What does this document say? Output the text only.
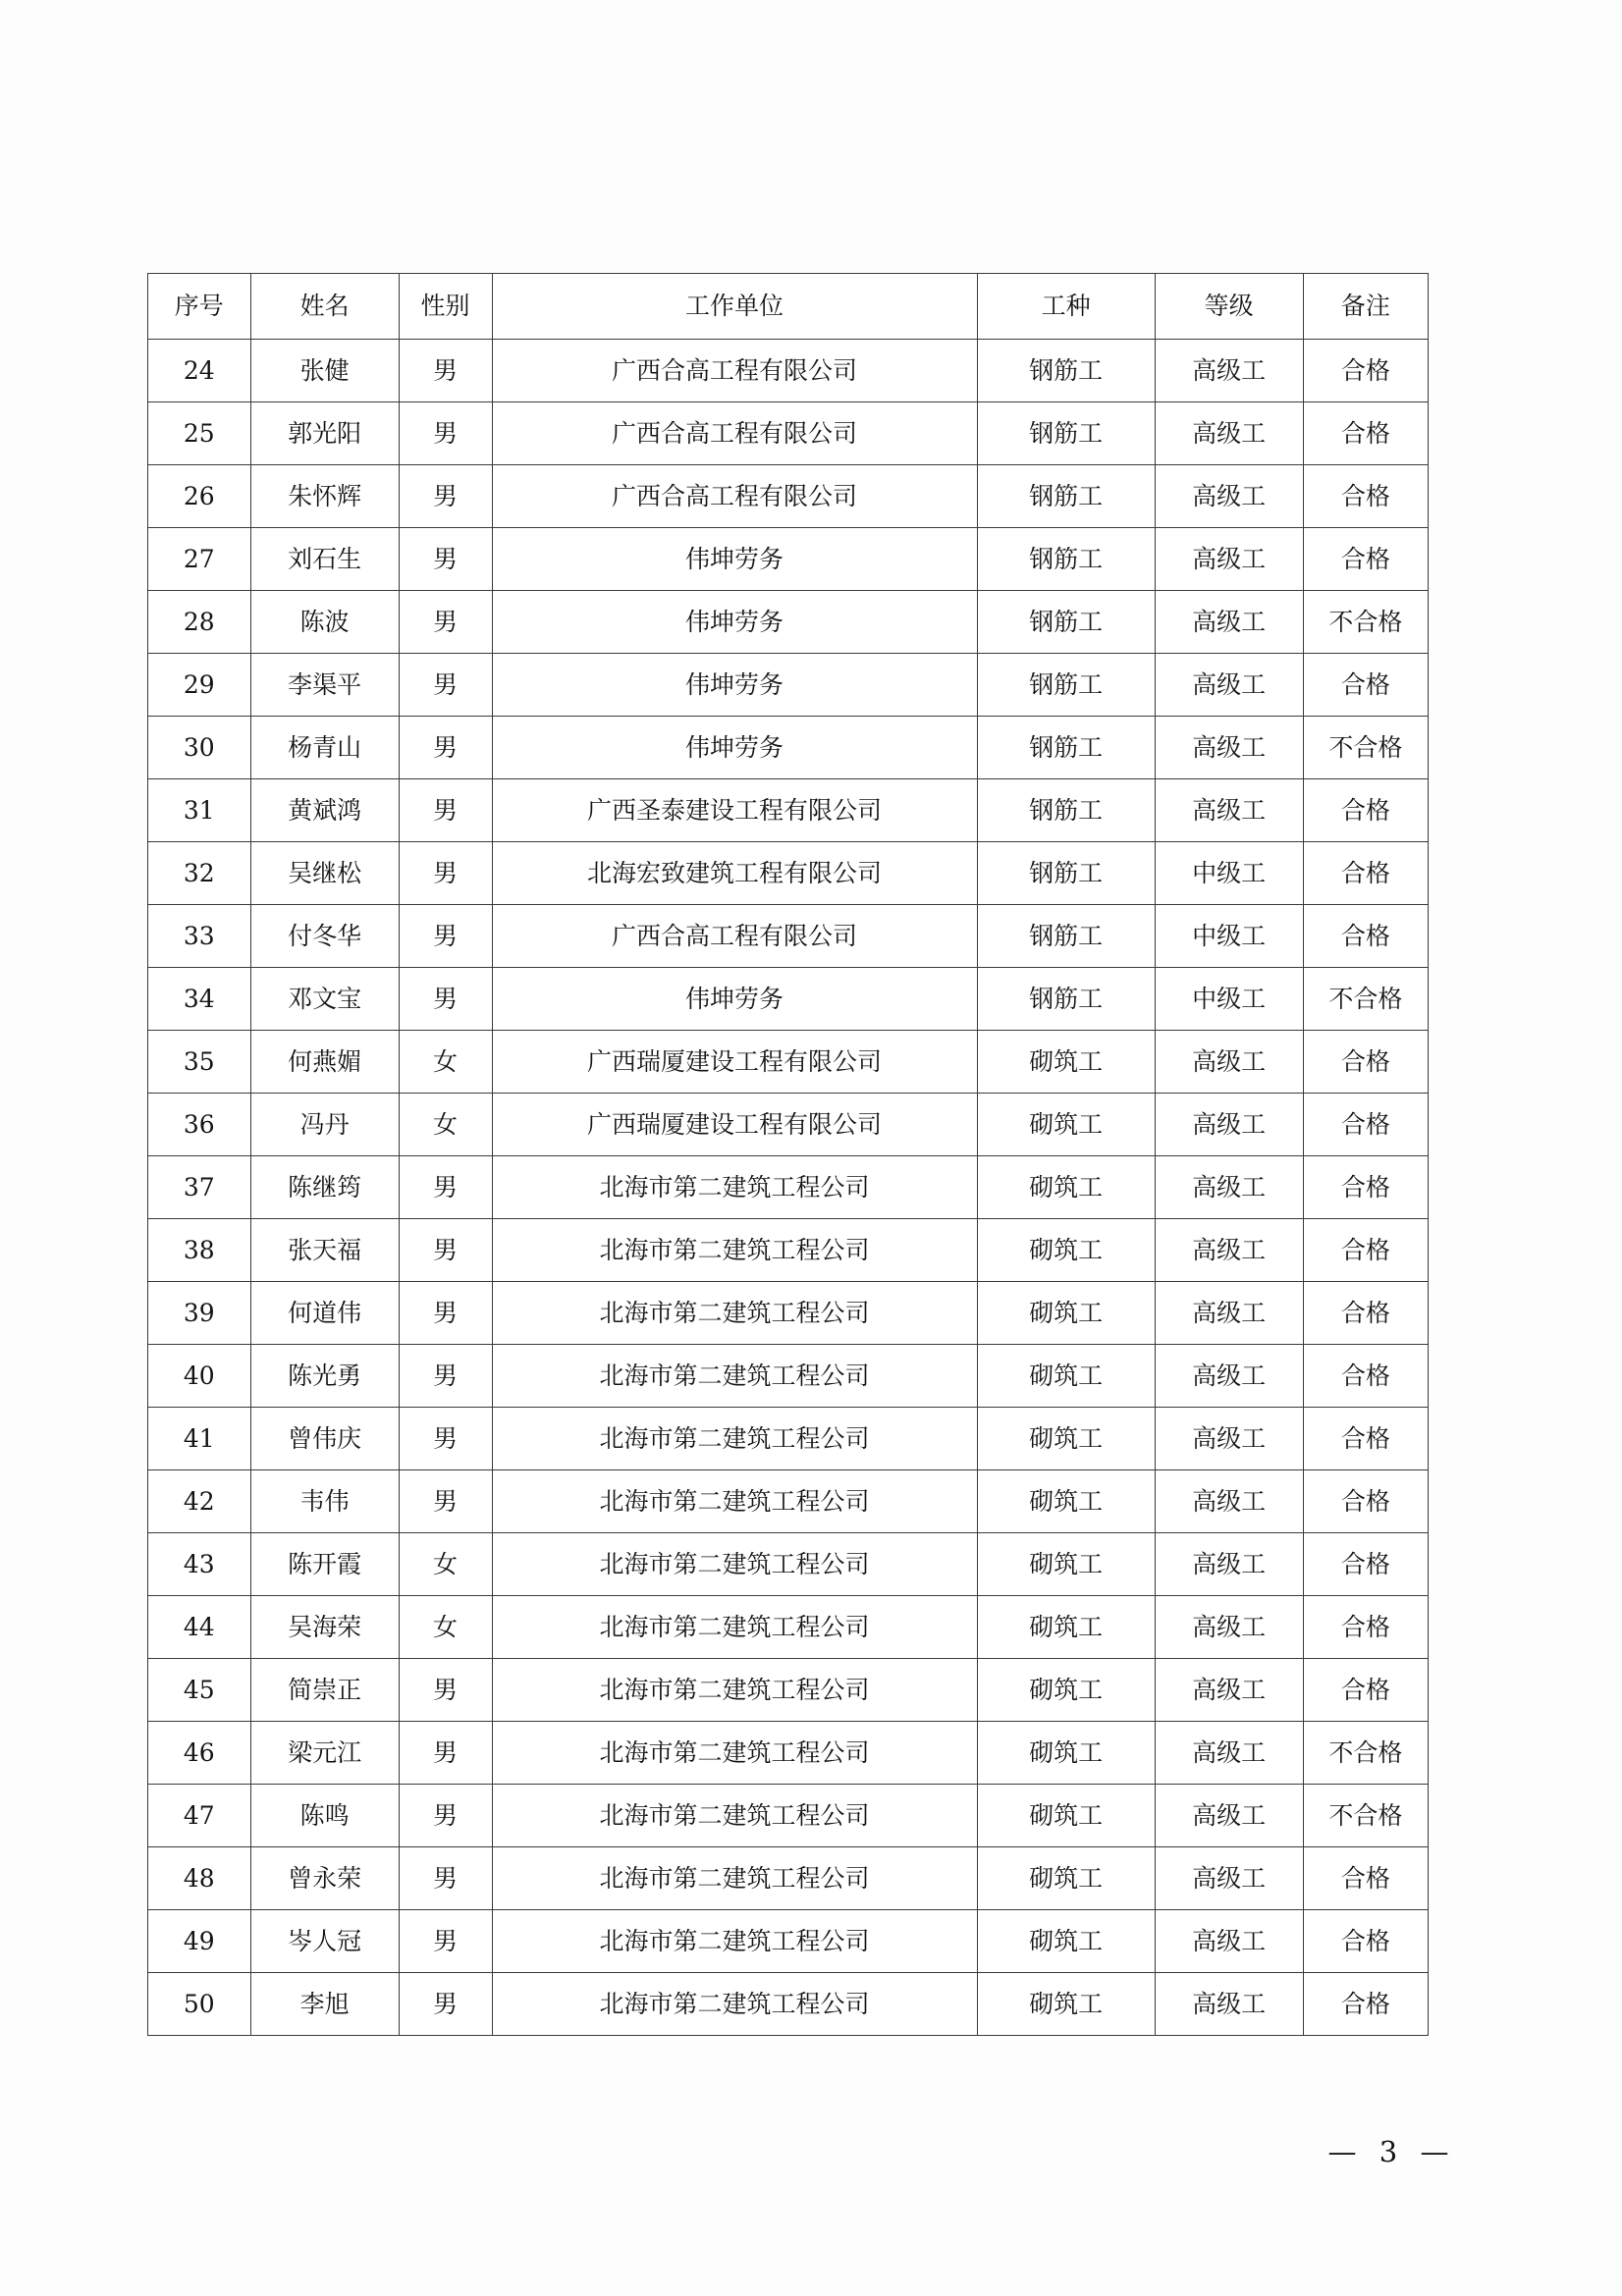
序号	姓名	性别	工作单位	工种	等级	备注
24	张健	男	广西合高工程有限公司	钢筋工	高级工	合格
25	郭光阳	男	广西合高工程有限公司	钢筋工	高级工	合格
26	朱怀辉	男	广西合高工程有限公司	钢筋工	高级工	合格
27	刘石生	男	伟坤劳务	钢筋工	高级工	合格
28	陈波	男	伟坤劳务	钢筋工	高级工	不合格
29	李渠平	男	伟坤劳务	钢筋工	高级工	合格
30	杨青山	男	伟坤劳务	钢筋工	高级工	不合格
31	黄斌鸿	男	广西圣泰建设工程有限公司	钢筋工	高级工	合格
32	吴继松	男	北海宏致建筑工程有限公司	钢筋工	中级工	合格
33	付冬华	男	广西合高工程有限公司	钢筋工	中级工	合格
34	邓文宝	男	伟坤劳务	钢筋工	中级工	不合格
35	何燕媚	女	广西瑞厦建设工程有限公司	砌筑工	高级工	合格
36	冯丹	女	广西瑞厦建设工程有限公司	砌筑工	高级工	合格
37	陈继筠	男	北海市第二建筑工程公司	砌筑工	高级工	合格
38	张天福	男	北海市第二建筑工程公司	砌筑工	高级工	合格
39	何道伟	男	北海市第二建筑工程公司	砌筑工	高级工	合格
40	陈光勇	男	北海市第二建筑工程公司	砌筑工	高级工	合格
41	曾伟庆	男	北海市第二建筑工程公司	砌筑工	高级工	合格
42	韦伟	男	北海市第二建筑工程公司	砌筑工	高级工	合格
43	陈开霞	女	北海市第二建筑工程公司	砌筑工	高级工	合格
44	吴海荣	女	北海市第二建筑工程公司	砌筑工	高级工	合格
45	简崇正	男	北海市第二建筑工程公司	砌筑工	高级工	合格
46	梁元江	男	北海市第二建筑工程公司	砌筑工	高级工	不合格
47	陈鸣	男	北海市第二建筑工程公司	砌筑工	高级工	不合格
48	曾永荣	男	北海市第二建筑工程公司	砌筑工	高级工	合格
49	岑人冠	男	北海市第二建筑工程公司	砌筑工	高级工	合格
50	李旭	男	北海市第二建筑工程公司	砌筑工	高级工	合格
— 3 —
